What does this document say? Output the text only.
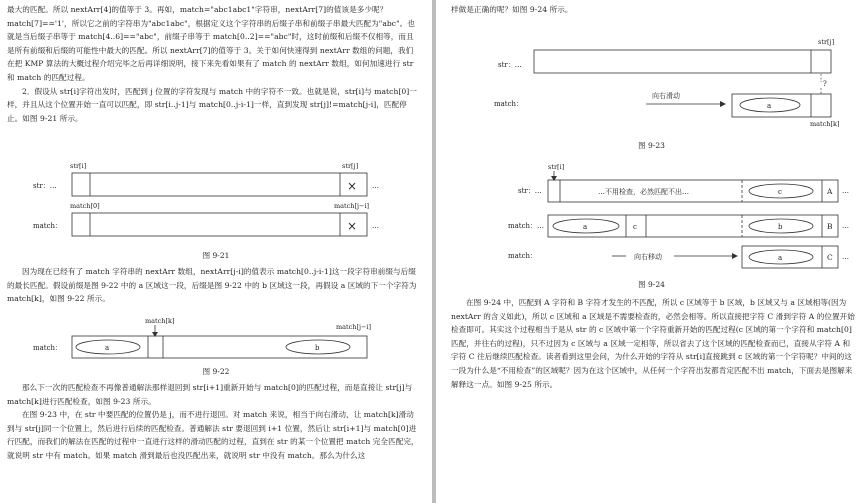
最大的匹配。所以 nextArr[4]的值等于 3。再如，match="abc1abc1"字符串，nextArr[7]的值该是多少呢？match[7]=='1'，所以它之前的字符串为"abc1abc"，根据定义这个字符串的后缀子串和前缀子串最大匹配为"abc"。也就是当后缀子串等于 match[4..6]=="abc"，前缀子串等于 match[0..2]=="abc"时，这时前缀和后缀不仅相等，而且是所有前缀和后缀的可能性中最大的匹配。所以 nextArr[7]的值等于 3。关于如何快速得到 nextArr 数组的问题，我们在把 KMP 算法的大概过程介绍完毕之后再详细说明，接下来先看如果有了 match 的 nextArr 数组，如何加速进行 str 和 match 的匹配过程。

2．假设从 str[i]字符出发时，匹配到 j 位置的字符发现与 match 中的字符不一致。也就是说，str[i]与 match[0]一样，并且从这个位置开始一直可以匹配，即 str[i..j-1]与 match[0..j-i-1]一样，直到发现 str[j]!=match[j-i]，匹配停止。如图 9-21 所示。

str[i]	str[j]
str：…	× …
match[0]	match[j−i]
match：	× …
图 9-21

因为现在已经有了 match 字符串的 nextArr 数组，nextArr[j-i]的值表示 match[0..j-i-1]这一段字符串前缀与后缀的最长匹配。假设前缀是图 9-22 中的 a 区域这一段，后缀是图 9-22 中的 b 区域这一段，再假设 a 区域的下一个字符为 match[k]，如图 9-22 所示。

match[k]
match[j−i]
match：	a	b
图 9-22

那么下一次的匹配检查不再像普通解法那样退回到 str[i+1]重新开始与 match[0]的匹配过程，而是直接让 str[j]与 match[k]进行匹配检查，如图 9-23 所示。

在图 9-23 中，在 str 中要匹配的位置仍是 j，而不进行退回。对 match 来说，相当于向右滑动，让 match[k]滑动到与 str[j]同一个位置上，然后进行后续的匹配检查。普通解法 str 要退回到 i+1 位置，然后让 str[i+1]与 match[0]进行匹配，而我们的解法在匹配的过程中一直进行这样的滑动匹配的过程，直到在 str 的某一个位置把 match 完全匹配完，就说明 str 中有 match。如果 match 滑到最后也没匹配出来，就说明 str 中没有 match。那么为什么这

样做是正确的呢？如图 9-24 所示。

str[j]
str：…
?
match：
向右滑动
a
match[k]
图 9-23
str[i]
str：…	…不用检查，必然匹配不出…	c	A …
match：…	a	c	b	B …
match：	向右移动	a	C …
图 9-24

在图 9-24 中，匹配到 A 字符和 B 字符才发生的不匹配，所以 c 区域等于 b 区域，b 区域又与 a 区域相等(因为 nextArr 的含义如此)，所以 c 区域和 a 区域是不需要检查的，必然会相等。所以直接把字符 C 滑到字符 A 的位置开始检查即可。其实这个过程相当于是从 str 的 c 区域中第一个字符重新开始的匹配过程(c 区域的第一个字符和 match[0]匹配，并往右的过程)，只不过因为 c 区域与 a 区域一定相等，所以省去了这个区域的匹配检查而已，直接从字符 A 和字符 C 往后继续匹配检查。读者看到这里会问，为什么开始的字符从 str[i]直接跳到 c 区域的第一个字符呢？中间的这一段为什么是“不用检查”的区域呢？因为在这个区域中，从任何一个字符出发都肯定匹配不出 match，下面去是图解来解释这一点。如图 9-25 所示。
